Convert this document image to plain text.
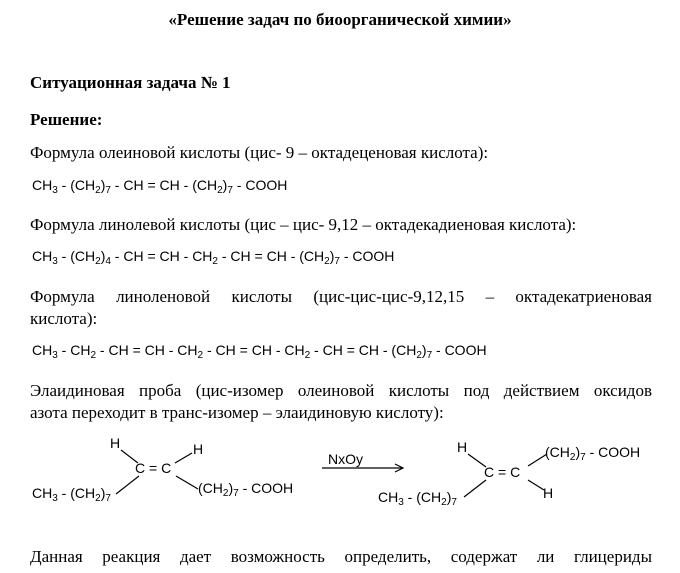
«Решение задач по биоорганической химии»
Ситуационная задача № 1
Решение:
Формула олеиновой кислоты (цис- 9 – октадеценовая кислота):
$CH_3 - (CH_2)_7$ - CH = CH - $(CH_2)_7$ - COOH
Формула линолевой кислоты (цис – цис- 9,12 – октадекадиеновая кислота):
$CH_3 - (CH_2)_4$ - CH = CH - $CH_2$ - CH = CH - $(CH_2)_7$ - COOH
Формула линоленовой кислоты (цис-цис-цис-9,12,15 – октадекатриеновая
кислота):
$CH_3 - CH_2$ - CH = CH - $CH_2$ - CH = CH - $CH_2$ - CH = CH - $(CH_2)_7$ - COOH
Элаидиновая проба (цис-изомер олеиновой кислоты под действием оксидов
азота переходит в транс-изомер – элаидиновую кислоту):
H	H
C = C
$CH_3 - (CH_2)_7$
$(CH_2)_7$ - COOH
NxOy
H	$(CH_2)_7$ - COOH
C = C
H
$CH_3 - (CH_2)_7$
Данная реакция дает возможность определить, содержат ли глицериды
